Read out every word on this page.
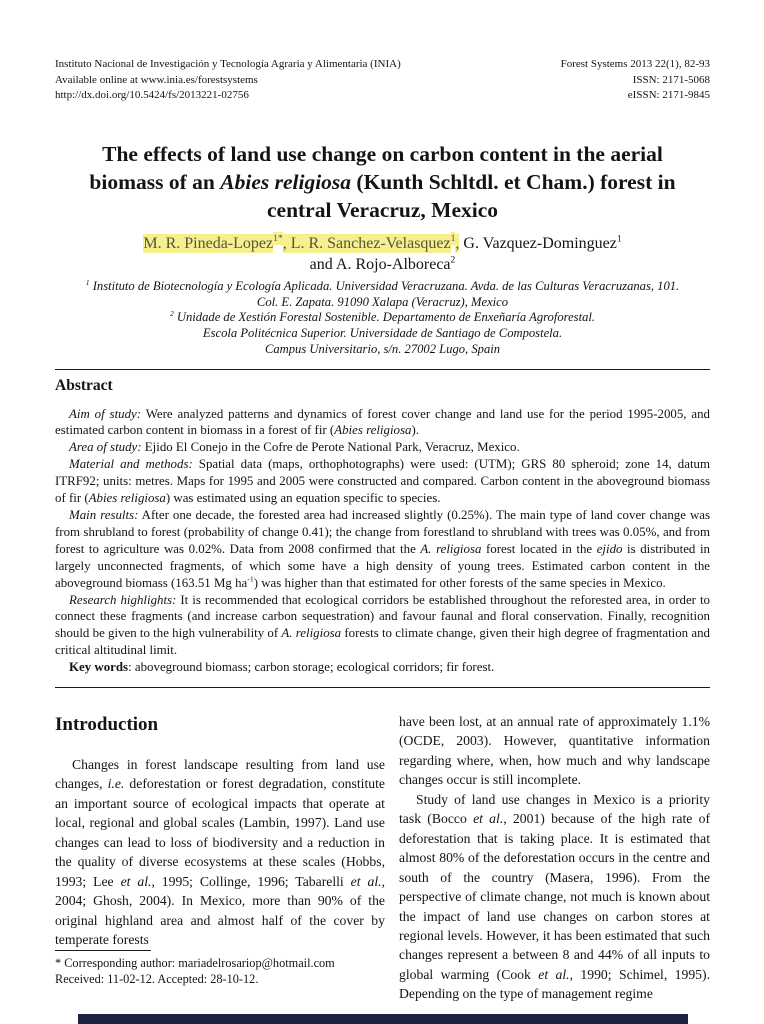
Instituto Nacional de Investigación y Tecnología Agraria y Alimentaria (INIA)
Available online at www.inia.es/forestsystems
http://dx.doi.org/10.5424/fs/2013221-02756
Forest Systems 2013 22(1), 82-93
ISSN: 2171-5068
eISSN: 2171-9845
The effects of land use change on carbon content in the aerial biomass of an Abies religiosa (Kunth Schltdl. et Cham.) forest in central Veracruz, Mexico
M. R. Pineda-Lopez$^{1*}$, L. R. Sanchez-Velasquez$^1$, G. Vazquez-Dominguez$^1$
and A. Rojo-Alboreca$^2$
$^1$ Instituto de Biotecnología y Ecología Aplicada. Universidad Veracruzana. Avda. de las Culturas Veracruzanas, 101.
Col. E. Zapata. 91090 Xalapa (Veracruz), Mexico
$^2$ Unidade de Xestión Forestal Sostenible. Departamento de Enxeñaría Agroforestal.
Escola Politécnica Superior. Universidade de Santiago de Compostela.
Campus Universitario, s/n. 27002 Lugo, Spain
Abstract

Aim of study: Were analyzed patterns and dynamics of forest cover change and land use for the period 1995-2005, and estimated carbon content in biomass in a forest of fir (Abies religiosa).

Area of study: Ejido El Conejo in the Cofre de Perote National Park, Veracruz, Mexico.

Material and methods: Spatial data (maps, orthophotographs) were used: (UTM); GRS 80 spheroid; zone 14, datum ITRF92; units: metres. Maps for 1995 and 2005 were constructed and compared. Carbon content in the aboveground biomass of fir (Abies religiosa) was estimated using an equation specific to species.

Main results: After one decade, the forested area had increased slightly (0.25%). The main type of land cover change was from shrubland to forest (probability of change 0.41); the change from forestland to shrubland with trees was 0.05%, and from forest to agriculture was 0.02%. Data from 2008 confirmed that the A. religiosa forest located in the ejido is distributed in largely unconnected fragments, of which some have a high density of young trees. Estimated carbon content in the aboveground biomass (163.51 Mg $ha^{-1}$) was higher than that estimated for other forests of the same species in Mexico.

Research highlights: It is recommended that ecological corridors be established throughout the reforested area, in order to connect these fragments (and increase carbon sequestration) and favour faunal and floral conservation. Finally, recognition should be given to the high vulnerability of A. religiosa forests to climate change, given their high degree of fragmentation and critical altitudinal limit.

Key words: aboveground biomass; carbon storage; ecological corridors; fir forest.

Introduction

Changes in forest landscape resulting from land use changes, i.e. deforestation or forest degradation, constitute an important source of ecological impacts that operate at local, regional and global scales (Lambin, 1997). Land use changes can lead to loss of biodiversity and a reduction in the quality of diverse ecosystems at these scales (Hobbs, 1993; Lee et al., 1995; Collinge, 1996; Tabarelli et al., 2004; Ghosh, 2004). In Mexico, more than 90% of the original highland area and almost half of the cover by temperate forests

* Corresponding author: mariadelrosariop@hotmail.com
Received: 11-02-12. Accepted: 28-10-12.

have been lost, at an annual rate of approximately 1.1% (OCDE, 2003). However, quantitative information regarding where, when, how much and why landscape changes occur is still incomplete.

Study of land use changes in Mexico is a priority task (Bocco et al., 2001) because of the high rate of deforestation that is taking place. It is estimated that almost 80% of the deforestation occurs in the centre and south of the country (Masera, 1996). From the perspective of climate change, not much is known about the impact of land use changes on carbon stores at regional levels. However, it has been estimated that such changes represent a between 8 and 44% of all inputs to global warming (Cook et al., 1990; Schimel, 1995). Depending on the type of management regime
